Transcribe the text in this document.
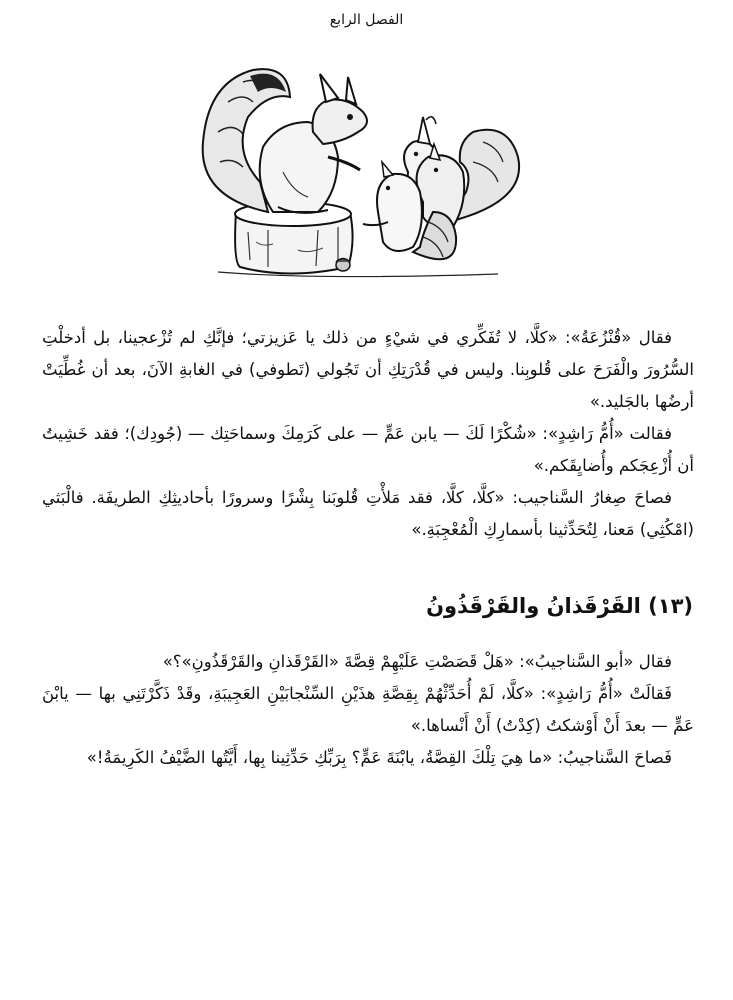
الفصل الرابع

فقال «قُنْزُعَةُ»: «كلَّا، لا تُفَكِّري في شيْءٍ من ذلك يا عَزيزتي؛ فإنَّكِ لم تُزْعجينا، بل أدخلْتِ السُّرُورَ والْفَرَحَ على قُلوبِنا. وليس في قُدْرَتِكِ أن تَجُولي (تَطوفي) في الغابةِ الآنَ، بعد أن غُطِّيَتْ أرضُها بالجَليد.»

فقالت «أُمُّ رَاشِدٍ»: «شُكْرًا لَكَ — يابن عَمٍّ — على كَرَمِكَ وسماحَتِك — (جُودِك)؛ فقد خَشِيتُ أن أُزْعِجَكم وأُضايِقَكم.»

فصاحَ صِغارُ السَّناجيب: «كلَّا، كلَّا، فقد مَلأْتِ قُلوبَنا بِشْرًا وسرورًا بأحاديثِكِ الطريفَة. فالْبَثي (امْكُثِي) مَعنا، لِتُحَدِّثينا بأسمارِكِ الْمُعْجِبَةِ.»

(١٣) القَرْقَذانُ والقَرْقَذُونُ

فقال «أبو السَّناجيبُ»: «هَلْ قَصَصْتِ عَلَيْهِمْ قِصَّةَ «القَرْقَذانِ والقَرْقَذُونِ»؟»

فَقالَتْ «أُمُّ رَاشِدٍ»: «كلَّا، لَمْ أُحَدِّثْهُمْ بِقِصَّةِ هذَيْنِ السِّنْجابَيْنِ العَجِيبَةِ، وقَدْ ذَكَّرْتَنِي بها — يابْنَ عَمٍّ — بعدَ أَنْ أَوْشكتُ (كِدْتُ) أَنْ أَنْساها.»

فَصاحَ السَّناجيبُ: «ما هِيَ تِلْكَ القِصَّةُ، يابْنَةَ عَمٍّ؟ بِرَبِّكِ حَدِّثِينا بِها، أَيَّتُها الضَّيْفُ الكَرِيمَةُ!»
